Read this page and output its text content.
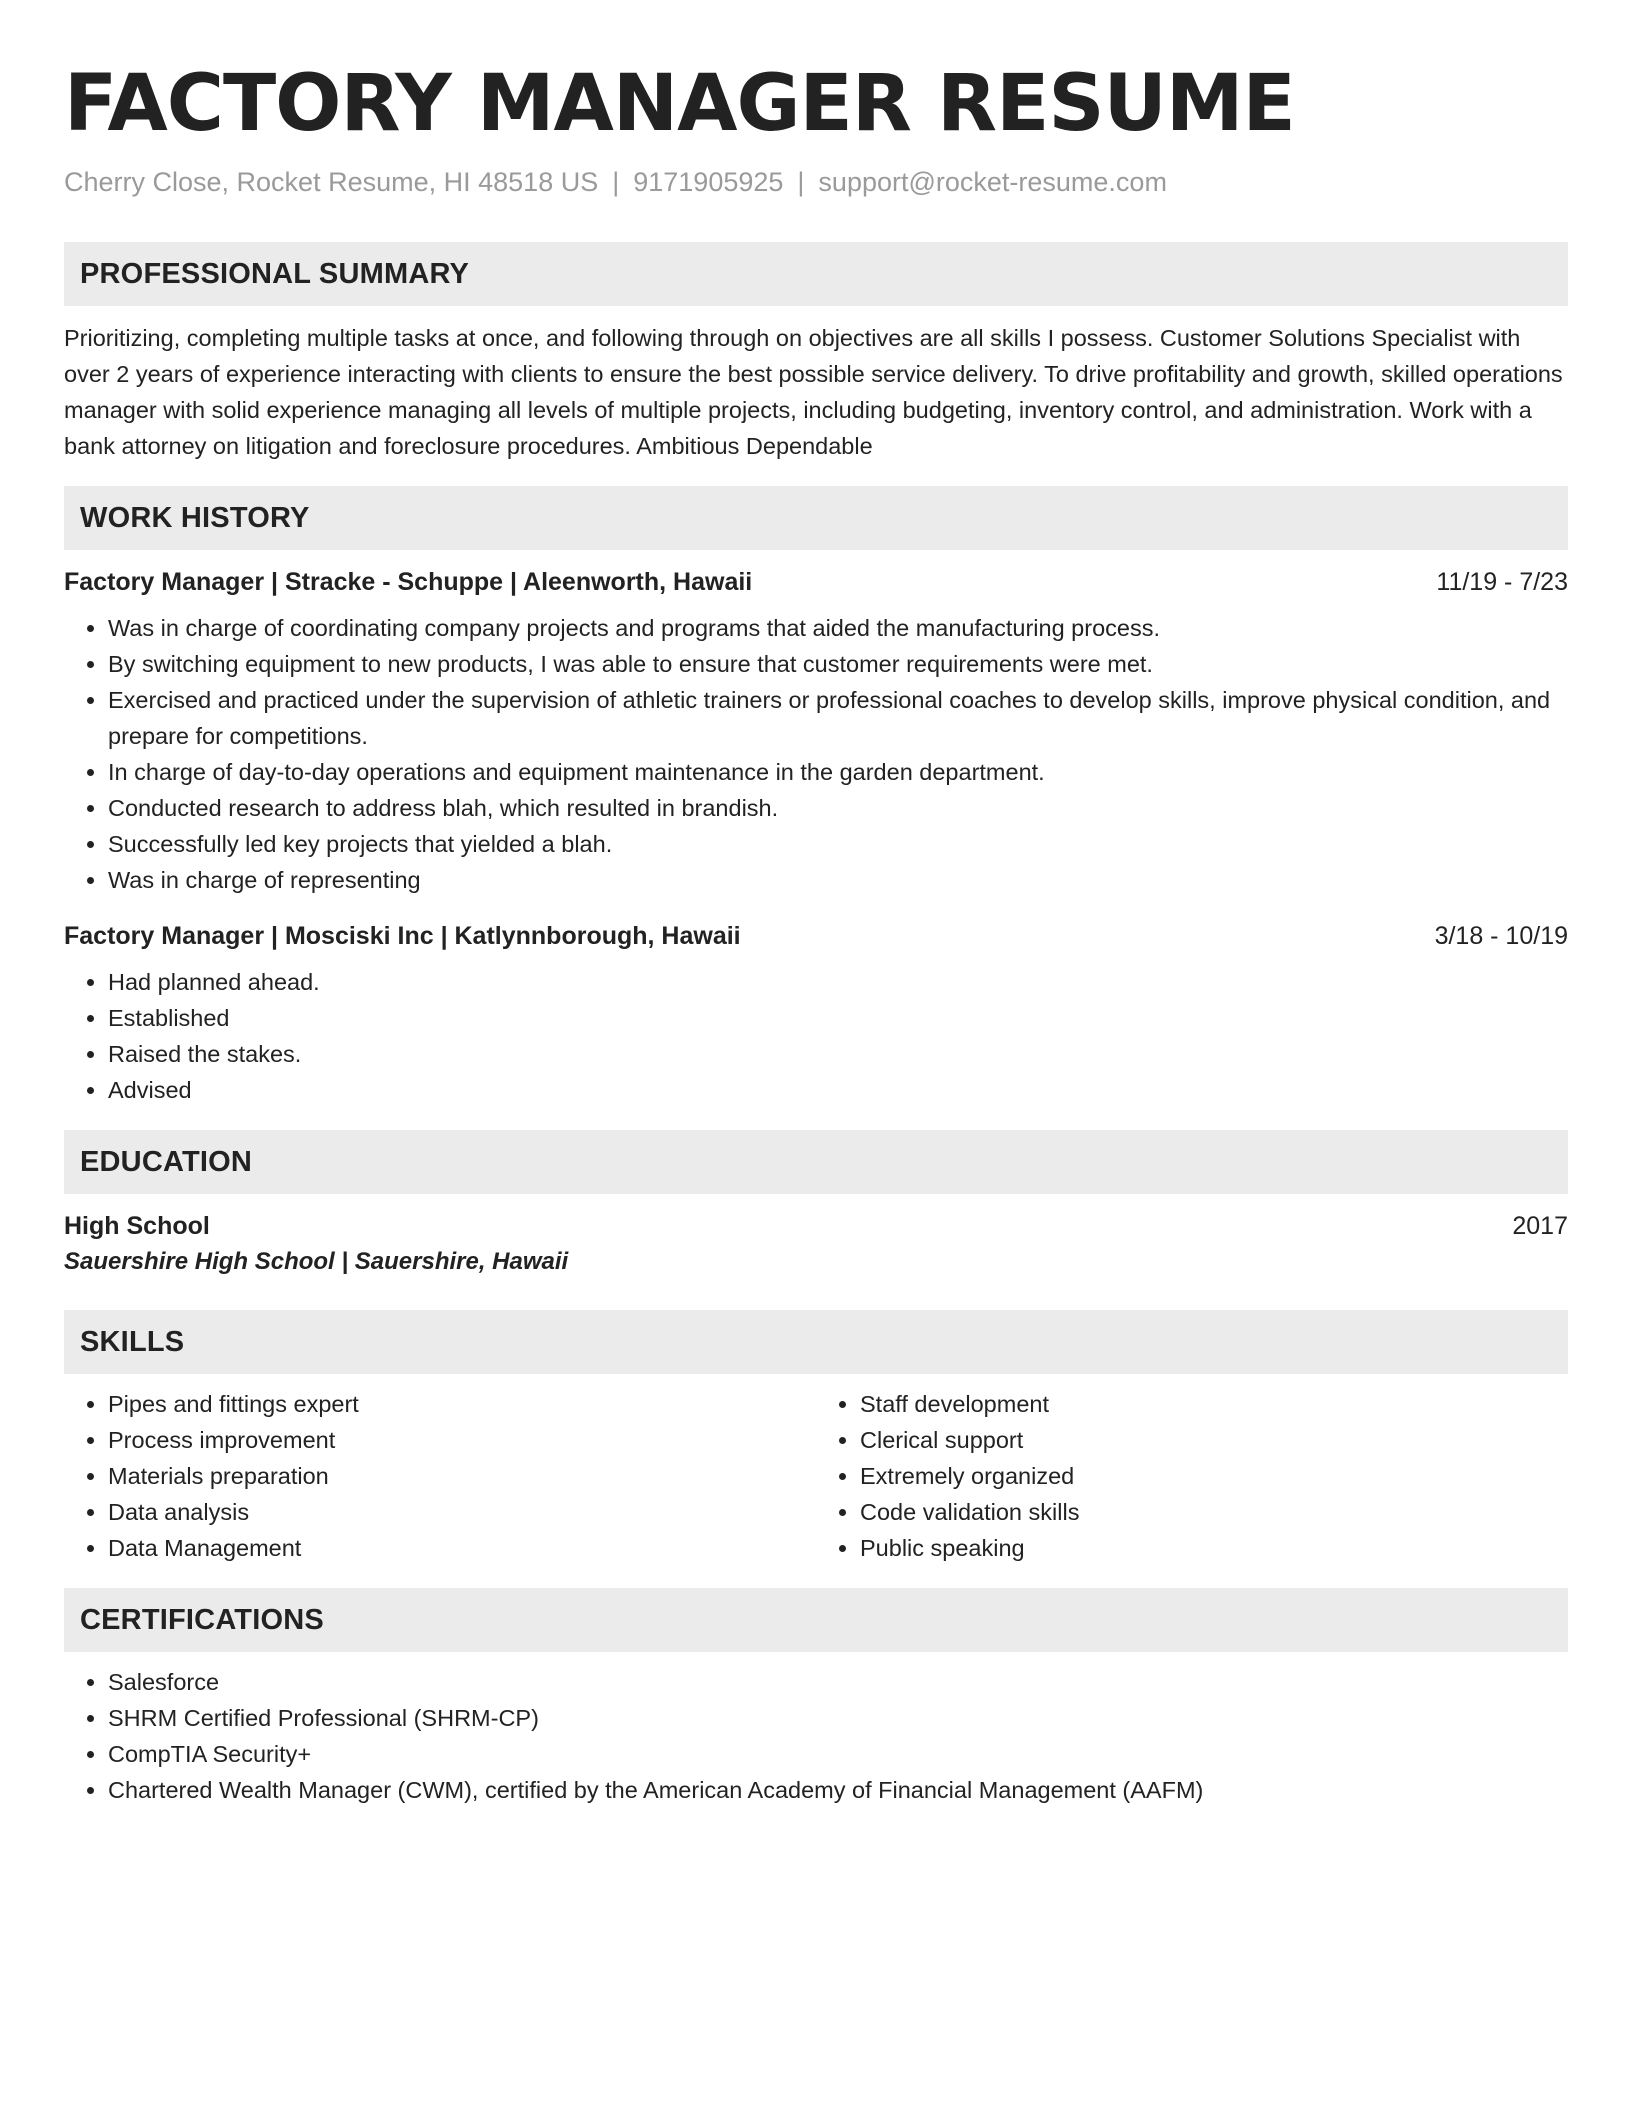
FACTORY MANAGER RESUME
Cherry Close, Rocket Resume, HI 48518 US | 9171905925 | support@rocket-resume.com
PROFESSIONAL SUMMARY

Prioritizing, completing multiple tasks at once, and following through on objectives are all skills I possess. Customer Solutions Specialist with over 2 years of experience interacting with clients to ensure the best possible service delivery. To drive profitability and growth, skilled operations manager with solid experience managing all levels of multiple projects, including budgeting, inventory control, and administration. Work with a bank attorney on litigation and foreclosure procedures. Ambitious Dependable

WORK HISTORY
Factory Manager | Stracke - Schuppe | Aleenworth, Hawaii	11/19 - 7/23
• Was in charge of coordinating company projects and programs that aided the manufacturing process.
• By switching equipment to new products, I was able to ensure that customer requirements were met.
• Exercised and practiced under the supervision of athletic trainers or professional coaches to develop skills, improve physical condition, and prepare for competitions.
• In charge of day-to-day operations and equipment maintenance in the garden department.
• Conducted research to address blah, which resulted in brandish.
• Successfully led key projects that yielded a blah.
• Was in charge of representing
Factory Manager | Mosciski Inc | Katlynnborough, Hawaii	3/18 - 10/19
• Had planned ahead.
• Established
• Raised the stakes.
• Advised
EDUCATION
High School	2017
Sauershire High School | Sauershire, Hawaii
SKILLS
• Pipes and fittings expert
• Process improvement
• Materials preparation
• Data analysis
• Data Management
• Staff development
• Clerical support
• Extremely organized
• Code validation skills
• Public speaking
CERTIFICATIONS
• Salesforce
• SHRM Certified Professional (SHRM-CP)
• CompTIA Security+
• Chartered Wealth Manager (CWM), certified by the American Academy of Financial Management (AAFM)
